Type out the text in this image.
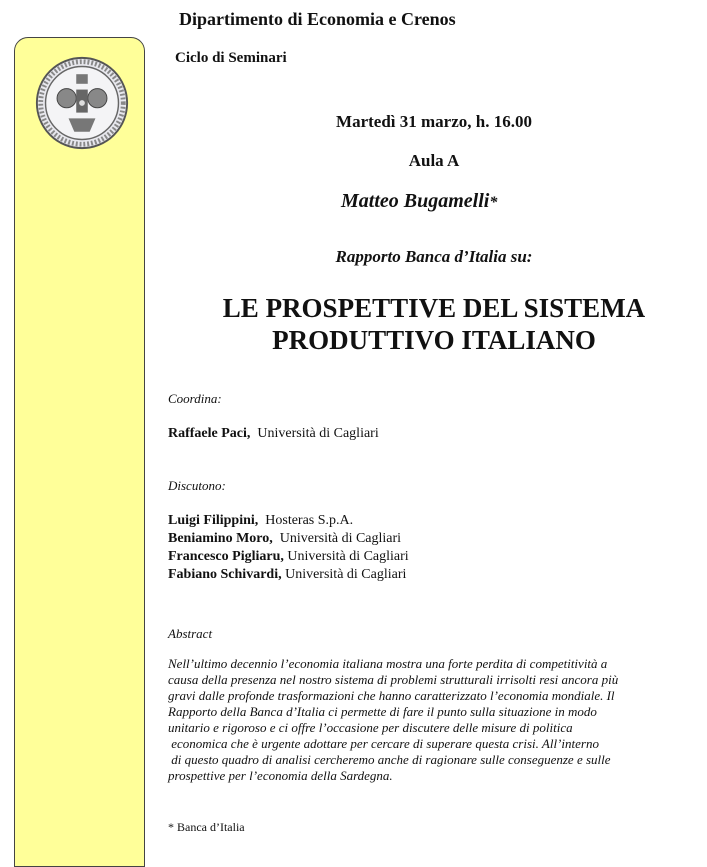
Dipartimento di Economia e Crenos
Ciclo di Seminari
Martedì 31 marzo, h. 16.00
Aula A
Matteo Bugamelli*
Rapporto Banca d’Italia su:
LE PROSPETTIVE DEL SISTEMA
PRODUTTIVO ITALIANO
Coordina:
Raffaele Paci, Università di Cagliari
Discutono:
Luigi Filippini, Hosteras S.p.A.
Beniamino Moro, Università di Cagliari
Francesco Pigliaru, Università di Cagliari
Fabiano Schivardi, Università di Cagliari
Abstract
Nell’ultimo decennio l’economia italiana mostra una forte perdita di competitività a
causa della presenza nel nostro sistema di problemi strutturali irrisolti resi ancora più
gravi dalle profonde trasformazioni che hanno caratterizzato l’economia mondiale. Il
Rapporto della Banca d’Italia ci permette di fare il punto sulla situazione in modo
unitario e rigoroso e ci offre l’occasione per discutere delle misure di politica
economica che è urgente adottare per cercare di superare questa crisi. All’interno
di questo quadro di analisi cercheremo anche di ragionare sulle conseguenze e sulle
prospettive per l’economia della Sardegna.
* Banca d’Italia
